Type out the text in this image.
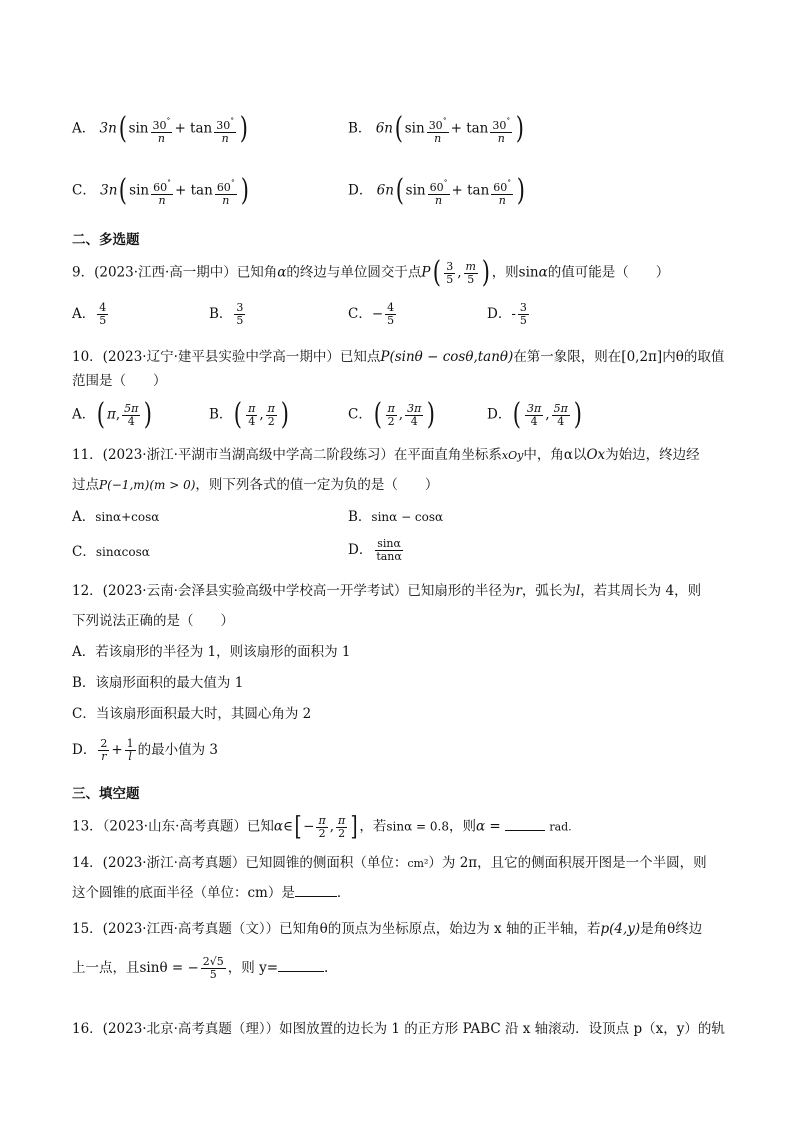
A． 3n( $\sin \frac{30^\circ}{n} + \tan \frac{30^\circ}{n}$ )	B． 6n( $\sin \frac{30^\circ}{n} + \tan \frac{30^\circ}{n}$ )
C． 3n( $\sin \frac{60^\circ}{n} + \tan \frac{60^\circ}{n}$ )	D． 6n( $\sin \frac{60^\circ}{n} + \tan \frac{60^\circ}{n}$ )
二、多选题
9．(2023·江西·高一期中）已知角α的终边与单位圆交于点$P( \frac{3}{5}$ , $\frac{m}{5}$ ) ，则sinα的值可能是（　　）
A． $\frac{4}{5}$	B． $\frac{3}{5}$	C．− $\frac{4}{5}$	D．- $\frac{3}{5}$
10．(2023·辽宁·建平县实验中学高一期中）已知点P(sinθ − cosθ,tanθ)在第一象限，则在[0,2π]内θ的取值
范围是（　　）
A．( π, $\frac{5\pi}{4}$ )	B．( $\frac{\pi}{4}$ , $\frac{\pi}{2}$ )	C．( $\frac{\pi}{2}$ , $\frac{3\pi}{4}$ )	D．( $\frac{3\pi}{4}$ , $\frac{5\pi}{4}$ )
11．(2023·浙江·平湖市当湖高级中学高二阶段练习）在平面直角坐标系xOy中，角α以Ox为始边，终边经
过点P(−1,m)(m > 0)，则下列各式的值一定为负的是（　　）
A．sinα+cosα	B．sinα − cosα
C．sinαcosα	D． $\frac{\sin\alpha}{\tan\alpha}$
12．(2023·云南·会泽县实验高级中学校高一开学考试）已知扇形的半径为r，弧长为l，若其周长为 4，则
下列说法正确的是（　　）
A．若该扇形的半径为 1，则该扇形的面积为 1
B．该扇形面积的最大值为 1
C．当该扇形面积最大时，其圆心角为 2
D． $\frac{2}{r} + \frac{1}{l}$ 的最小值为 3
三、填空题
13．（2023·山东·高考真题）已知α∈[ − $\frac{\pi}{2}$ , $\frac{\pi}{2}$ ] ，若sinα = 0.8，则α =	rad.
14．(2023·浙江·高考真题）已知圆锥的侧面积（单位：cm²）为 2π，且它的侧面积展开图是一个半圆，则
这个圆锥的底面半径（单位：cm）是	．
15．(2023·江西·高考真题（文））已知角θ的顶点为坐标原点，始边为 x 轴的正半轴，若p(4,y)是角θ终边
上一点，且sinθ = − $\frac{2√5}{5}$ ，则 y=	.
16．(2023·北京·高考真题（理））如图放置的边长为 1 的正方形 PABC 沿 x 轴滚动．设顶点 p（x，y）的轨
